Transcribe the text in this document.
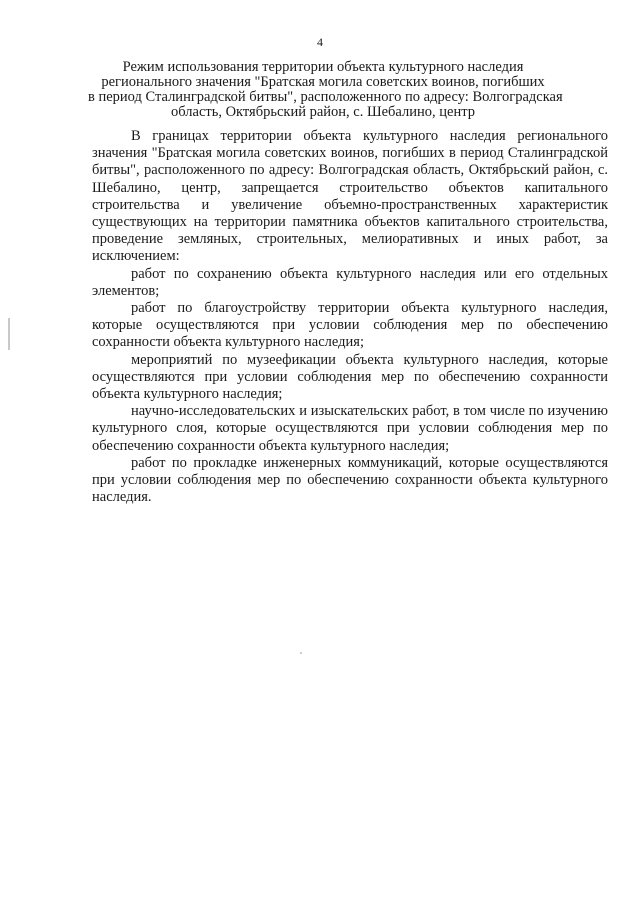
4
Режим использования территории объекта культурного наследия
регионального значения "Братская могила советских воинов, погибших
в период Сталинградской битвы", расположенного по адресу: Волгоградская
область, Октябрьский район, с. Шебалино, центр

В границах территории объекта культурного наследия регионального значения "Братская могила советских воинов, погибших в период Сталинградской битвы", расположенного по адресу: Волгоградская область, Октябрьский район, с. Шебалино, центр, запрещается строительство объектов капитального строительства и увеличение объемно-пространственных характеристик существующих на территории памятника объектов капитального строительства, проведение земляных, строительных, мелиоративных и иных работ, за исключением:

работ по сохранению объекта культурного наследия или его отдельных элементов;

работ по благоустройству территории объекта культурного наследия, которые осуществляются при условии соблюдения мер по обеспечению сохранности объекта культурного наследия;

мероприятий по музеефикации объекта культурного наследия, которые осуществляются при условии соблюдения мер по обеспечению сохранности объекта культурного наследия;

научно-исследовательских и изыскательских работ, в том числе по изучению культурного слоя, которые осуществляются при условии соблюдения мер по обеспечению сохранности объекта культурного наследия;

работ по прокладке инженерных коммуникаций, которые осуществляются при условии соблюдения мер по обеспечению сохранности объекта культурного наследия.
